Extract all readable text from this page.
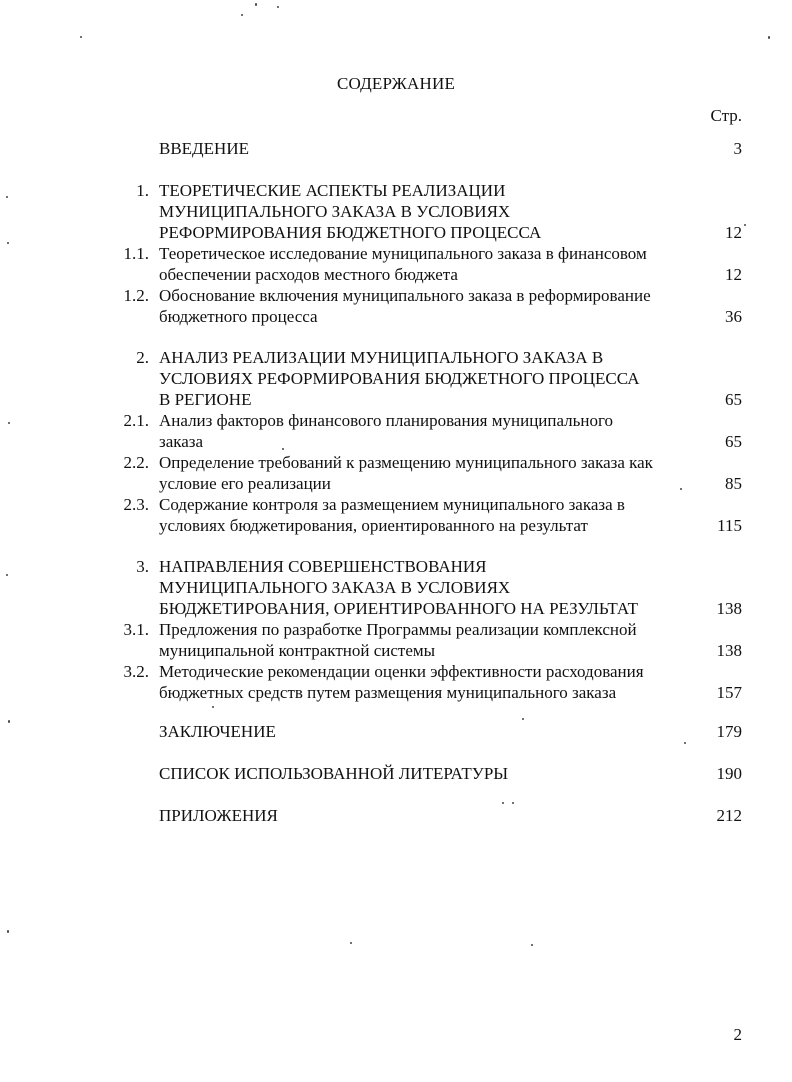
СОДЕРЖАНИЕ
Стр.
ВВЕДЕНИЕ	3
1. ТЕОРЕТИЧЕСКИЕ АСПЕКТЫ РЕАЛИЗАЦИИ
МУНИЦИПАЛЬНОГО ЗАКАЗА В УСЛОВИЯХ
РЕФОРМИРОВАНИЯ БЮДЖЕТНОГО ПРОЦЕССА	12
1.1. Теоретическое исследование муниципального заказа в финансовом
обеспечении расходов местного бюджета	12
1.2. Обоснование включения муниципального заказа в реформирование
бюджетного процесса	36
2. АНАЛИЗ РЕАЛИЗАЦИИ МУНИЦИПАЛЬНОГО ЗАКАЗА В
УСЛОВИЯХ РЕФОРМИРОВАНИЯ БЮДЖЕТНОГО ПРОЦЕССА
В РЕГИОНЕ	65
2.1. Анализ факторов финансового планирования муниципального
заказа	65
2.2. Определение требований к размещению муниципального заказа как
условие его реализации	85
2.3. Содержание контроля за размещением муниципального заказа в
условиях бюджетирования, ориентированного на результат	115
3. НАПРАВЛЕНИЯ СОВЕРШЕНСТВОВАНИЯ
МУНИЦИПАЛЬНОГО ЗАКАЗА В УСЛОВИЯХ
БЮДЖЕТИРОВАНИЯ, ОРИЕНТИРОВАННОГО НА РЕЗУЛЬТАТ	138
3.1. Предложения по разработке Программы реализации комплексной
муниципальной контрактной системы	138
3.2. Методические рекомендации оценки эффективности расходования
бюджетных средств путем размещения муниципального заказа	157
ЗАКЛЮЧЕНИЕ	179
СПИСОК ИСПОЛЬЗОВАННОЙ ЛИТЕРАТУРЫ	190
ПРИЛОЖЕНИЯ	212
2
